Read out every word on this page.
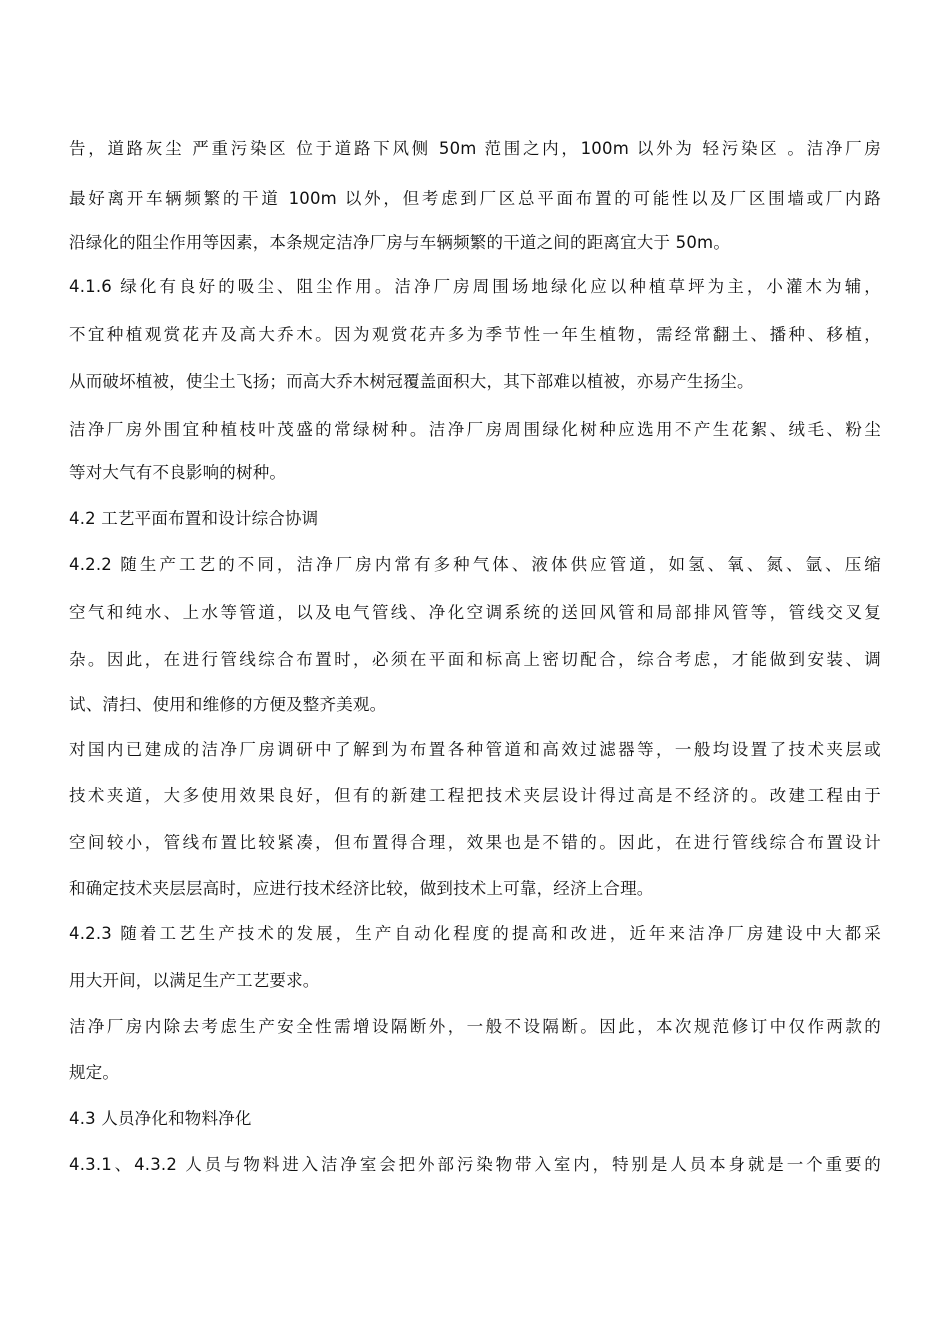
告，道路灰尘 严重污染区 位于道路下风侧 50m 范围之内，100m 以外为 轻污染区 。洁净厂房
最好离开车辆频繁的干道 100m 以外，但考虑到厂区总平面布置的可能性以及厂区围墙或厂内路
沿绿化的阻尘作用等因素，本条规定洁净厂房与车辆频繁的干道之间的距离宜大于 50m。
4.1.6 绿化有良好的吸尘、阻尘作用。洁净厂房周围场地绿化应以种植草坪为主，小灌木为辅，
不宜种植观赏花卉及高大乔木。因为观赏花卉多为季节性一年生植物，需经常翻土、播种、移植，
从而破坏植被，使尘土飞扬；而高大乔木树冠覆盖面积大，其下部难以植被，亦易产生扬尘。
洁净厂房外围宜种植枝叶茂盛的常绿树种。洁净厂房周围绿化树种应选用不产生花絮、绒毛、粉尘
等对大气有不良影响的树种。
4.2 工艺平面布置和设计综合协调
4.2.2 随生产工艺的不同，洁净厂房内常有多种气体、液体供应管道，如氢、氧、氮、氩、压缩
空气和纯水、上水等管道，以及电气管线、净化空调系统的送回风管和局部排风管等，管线交叉复
杂。因此，在进行管线综合布置时，必须在平面和标高上密切配合，综合考虑，才能做到安装、调
试、清扫、使用和维修的方便及整齐美观。
对国内已建成的洁净厂房调研中了解到为布置各种管道和高效过滤器等，一般均设置了技术夹层或
技术夹道，大多使用效果良好，但有的新建工程把技术夹层设计得过高是不经济的。改建工程由于
空间较小，管线布置比较紧凑，但布置得合理，效果也是不错的。因此，在进行管线综合布置设计
和确定技术夹层层高时，应进行技术经济比较，做到技术上可靠，经济上合理。
4.2.3 随着工艺生产技术的发展，生产自动化程度的提高和改进，近年来洁净厂房建设中大都采
用大开间，以满足生产工艺要求。
洁净厂房内除去考虑生产安全性需增设隔断外，一般不设隔断。因此，本次规范修订中仅作两款的
规定。
4.3 人员净化和物料净化
4.3.1、4.3.2 人员与物料进入洁净室会把外部污染物带入室内，特别是人员本身就是一个重要的
